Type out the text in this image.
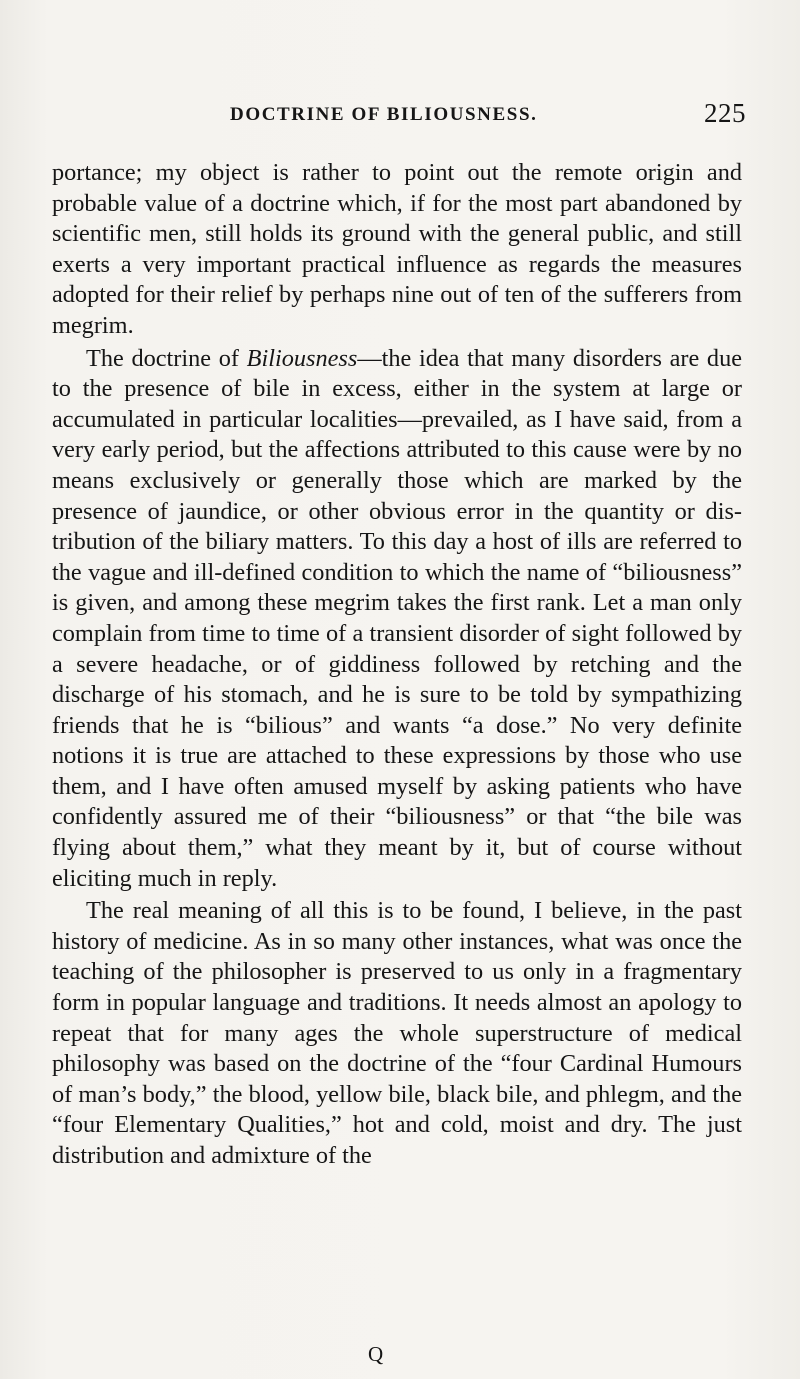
DOCTRINE OF BILIOUSNESS.	225

portance; my object is rather to point out the remote origin and probable value of a doctrine which, if for the most part abandoned by scientific men, still holds its ground with the general public, and still exerts a very important practical influence as regards the measures adopted for their relief by perhaps nine out of ten of the sufferers from megrim.

The doctrine of Biliousness—the idea that many disorders are due to the presence of bile in excess, either in the system at large or accumulated in particular localities—prevailed, as I have said, from a very early period, but the affections attributed to this cause were by no means exclusively or generally those which are marked by the presence of jaundice, or other obvious error in the quantity or distribution of the biliary matters. To this day a host of ills are referred to the vague and ill-defined condition to which the name of “biliousness” is given, and among these megrim takes the first rank. Let a man only complain from time to time of a transient disorder of sight followed by a severe headache, or of giddiness followed by retching and the discharge of his stomach, and he is sure to be told by sympathizing friends that he is “bilious” and wants “a dose.” No very definite notions it is true are attached to these expressions by those who use them, and I have often amused myself by asking patients who have confidently assured me of their “biliousness” or that “the bile was flying about them,” what they meant by it, but of course without eliciting much in reply.

The real meaning of all this is to be found, I believe, in the past history of medicine. As in so many other instances, what was once the teaching of the philosopher is preserved to us only in a fragmentary form in popular language and traditions. It needs almost an apology to repeat that for many ages the whole superstructure of medical philosophy was based on the doctrine of the “four Cardinal Humours of man’s body,” the blood, yellow bile, black bile, and phlegm, and the “four Elementary Qualities,” hot and cold, moist and dry. The just distribution and admixture of the

Q
